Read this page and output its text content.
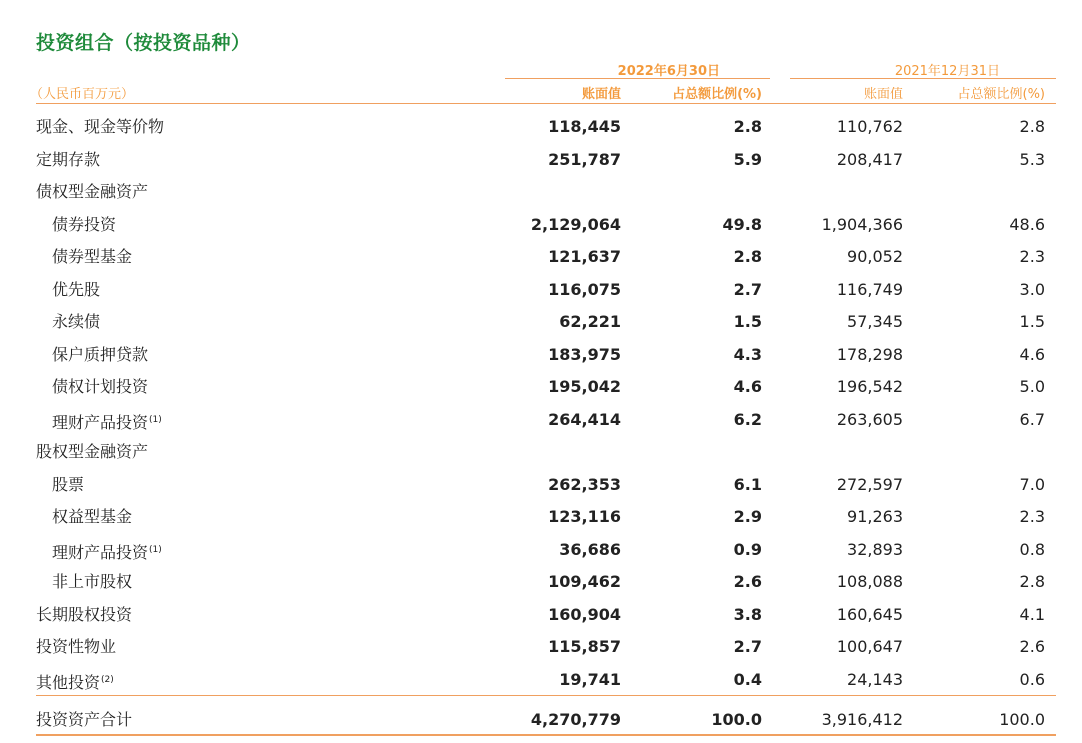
投资组合（按投资品种）
2022年6月30日	2021年12月31日
（人民币百万元）	账面值	占总额比例(%)	账面值	占总额比例(%)
现金、现金等价物	118,445	2.8	110,762	2.8
定期存款	251,787	5.9	208,417	5.3
债权型金融资产
债券投资	2,129,064	49.8	1,904,366	48.6
债券型基金	121,637	2.8	90,052	2.3
优先股	116,075	2.7	116,749	3.0
永续债	62,221	1.5	57,345	1.5
保户质押贷款	183,975	4.3	178,298	4.6
债权计划投资	195,042	4.6	196,542	5.0
理财产品投资$^{(1)}$	264,414	6.2	263,605	6.7
股权型金融资产
股票	262,353	6.1	272,597	7.0
权益型基金	123,116	2.9	91,263	2.3
理财产品投资$^{(1)}$	36,686	0.9	32,893	0.8
非上市股权	109,462	2.6	108,088	2.8
长期股权投资	160,904	3.8	160,645	4.1
投资性物业	115,857	2.7	100,647	2.6
其他投资$^{(2)}$	19,741	0.4	24,143	0.6
投资资产合计	4,270,779	100.0	3,916,412	100.0
